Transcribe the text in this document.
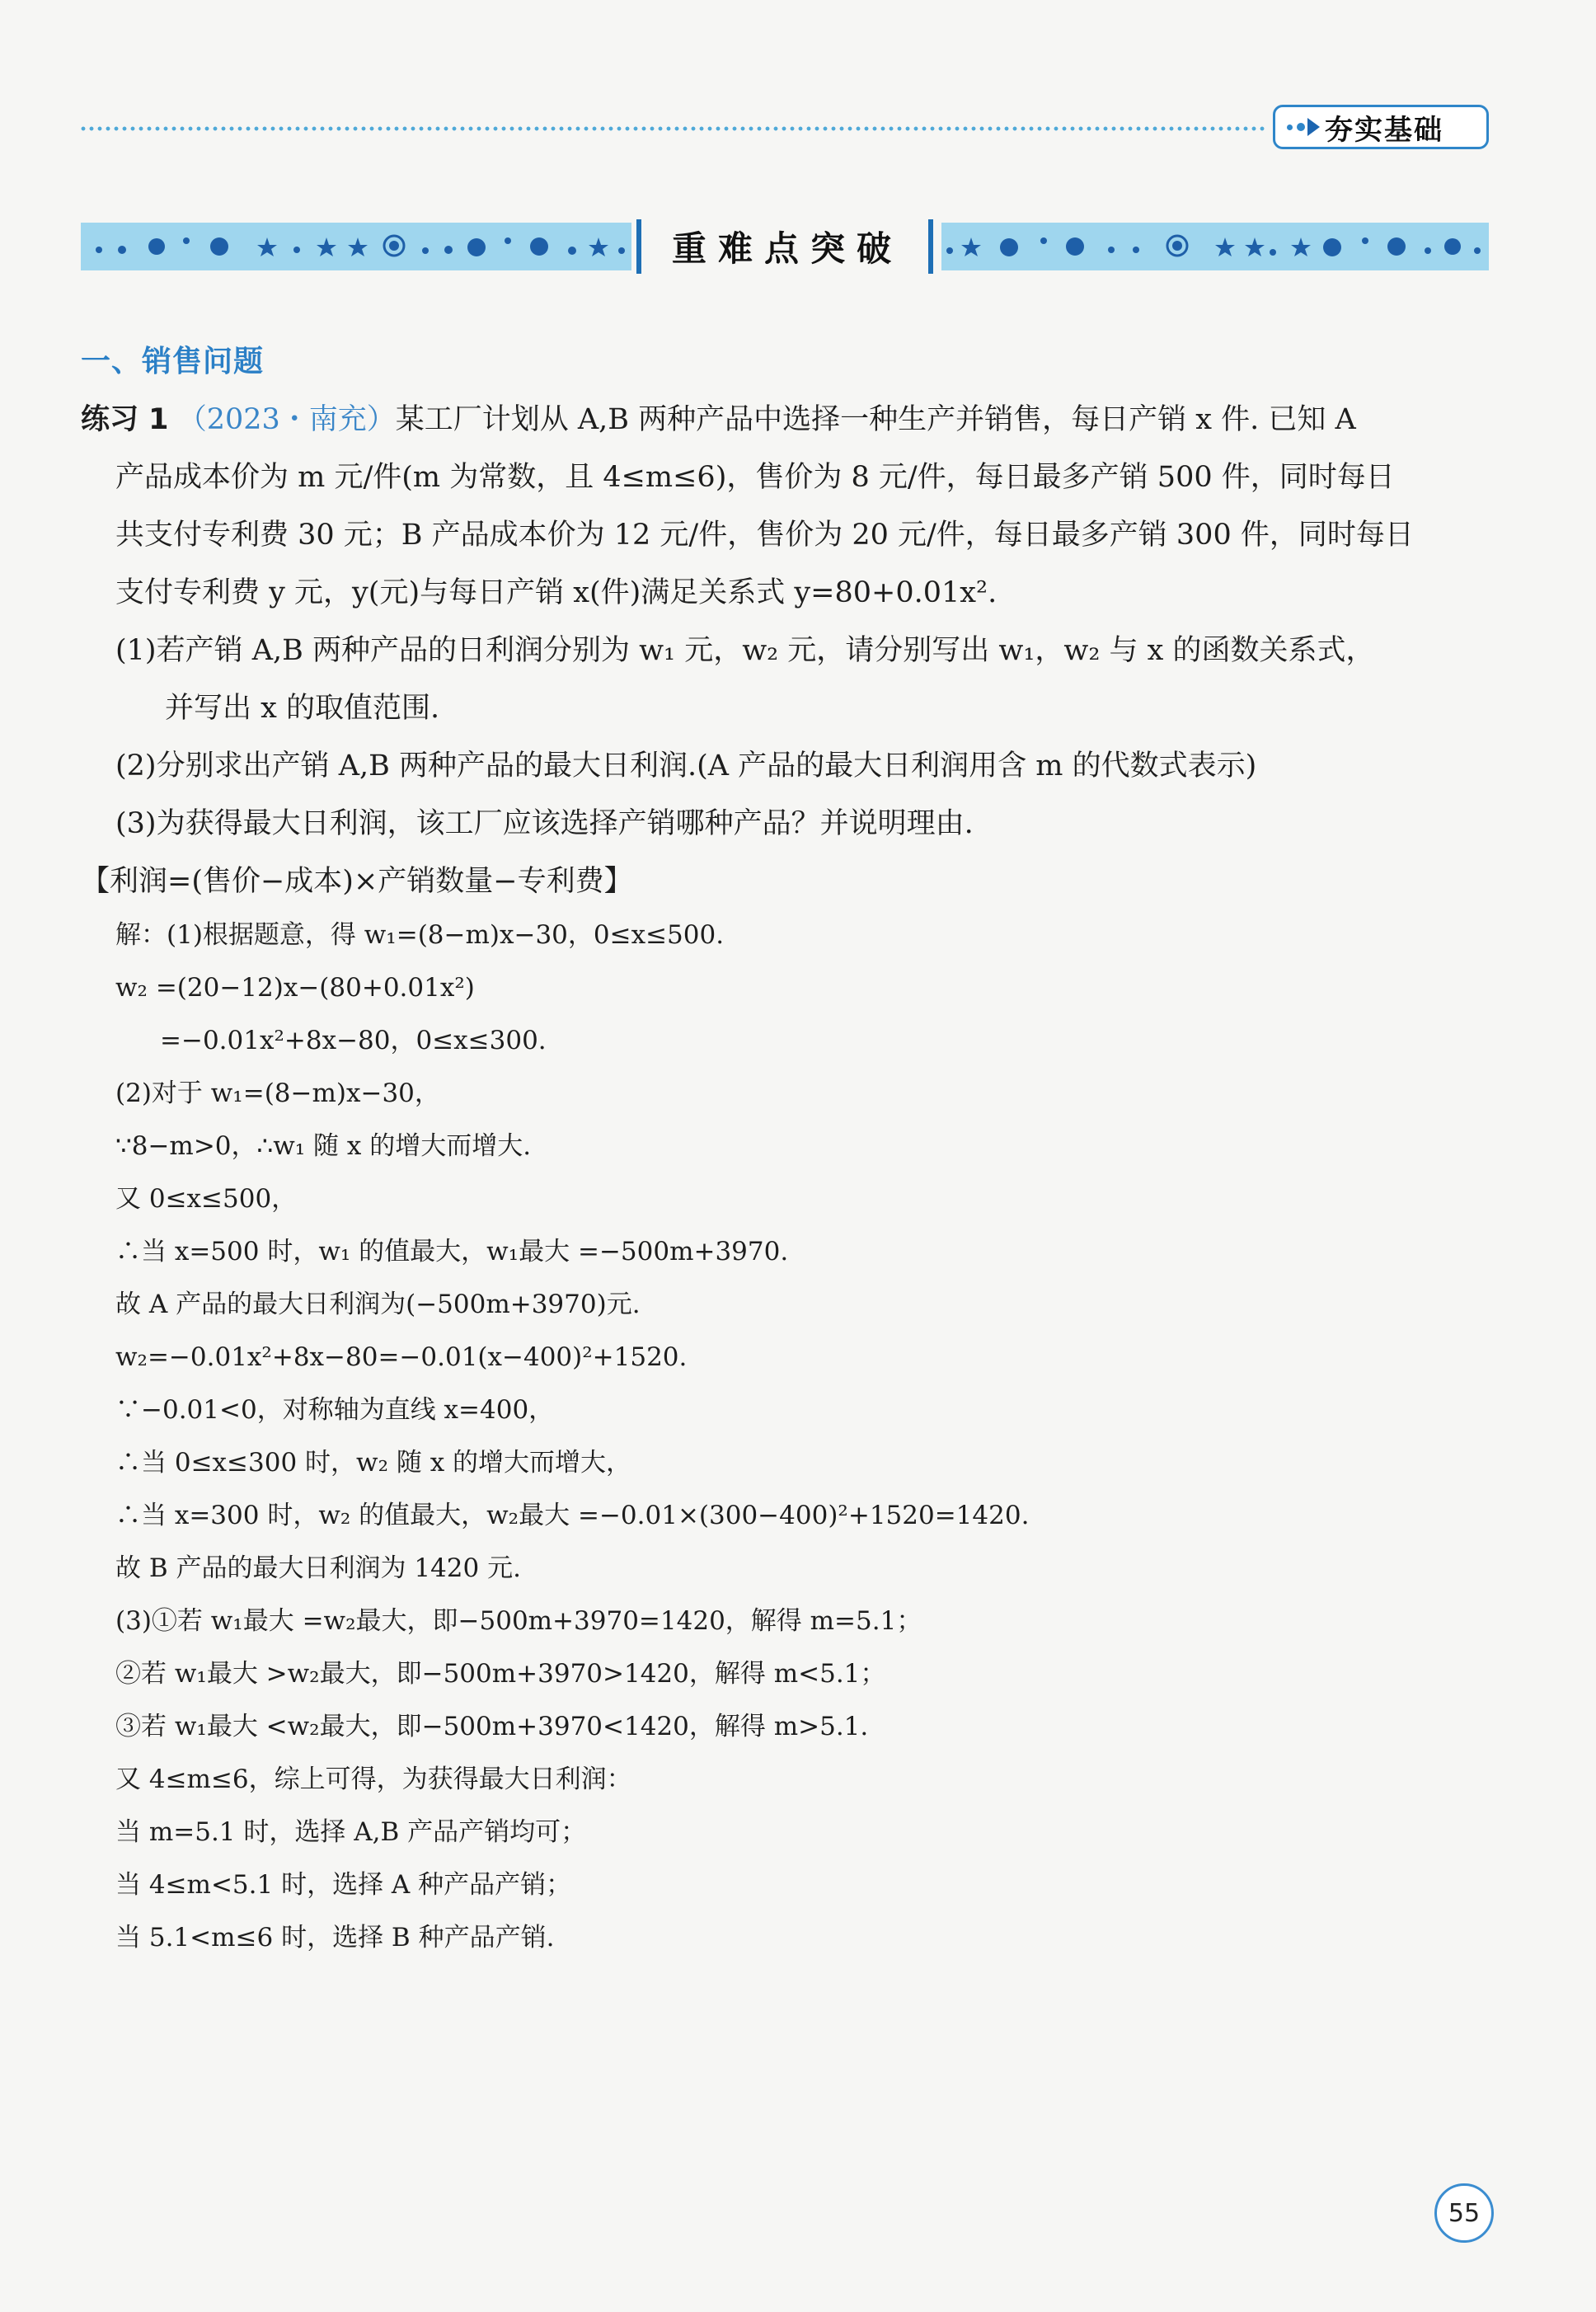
夯实基础
重难点突破
一、销售问题
练习 1 （2023・南充）某工厂计划从 A,B 两种产品中选择一种生产并销售，每日产销 x 件. 已知 A
产品成本价为 m 元/件(m 为常数，且 4≤m≤6)，售价为 8 元/件，每日最多产销 500 件，同时每日
共支付专利费 30 元；B 产品成本价为 12 元/件，售价为 20 元/件，每日最多产销 300 件，同时每日
支付专利费 y 元，y(元)与每日产销 x(件)满足关系式 y=80+0.01x².
(1)若产销 A,B 两种产品的日利润分别为 w₁ 元，w₂ 元，请分别写出 w₁，w₂ 与 x 的函数关系式，
并写出 x 的取值范围.
(2)分别求出产销 A,B 两种产品的最大日利润.(A 产品的最大日利润用含 m 的代数式表示)
(3)为获得最大日利润，该工厂应该选择产销哪种产品？并说明理由.
【利润=(售价−成本)×产销数量−专利费】
解：(1)根据题意，得 w₁=(8−m)x−30，0≤x≤500.
w₂ =(20−12)x−(80+0.01x²)
=−0.01x²+8x−80，0≤x≤300.
(2)对于 w₁=(8−m)x−30，
∵8−m>0，∴w₁ 随 x 的增大而增大.
又 0≤x≤500，
∴当 x=500 时，w₁ 的值最大，w₁最大 =−500m+3970.
故 A 产品的最大日利润为(−500m+3970)元.
w₂=−0.01x²+8x−80=−0.01(x−400)²+1520.
∵−0.01<0，对称轴为直线 x=400，
∴当 0≤x≤300 时，w₂ 随 x 的增大而增大，
∴当 x=300 时，w₂ 的值最大，w₂最大 =−0.01×(300−400)²+1520=1420.
故 B 产品的最大日利润为 1420 元.
(3)①若 w₁最大 =w₂最大，即−500m+3970=1420，解得 m=5.1；
②若 w₁最大 >w₂最大，即−500m+3970>1420，解得 m<5.1；
③若 w₁最大 <w₂最大，即−500m+3970<1420，解得 m>5.1.
又 4≤m≤6，综上可得，为获得最大日利润：
当 m=5.1 时，选择 A,B 产品产销均可；
当 4≤m<5.1 时，选择 A 种产品产销；
当 5.1<m≤6 时，选择 B 种产品产销.
55
